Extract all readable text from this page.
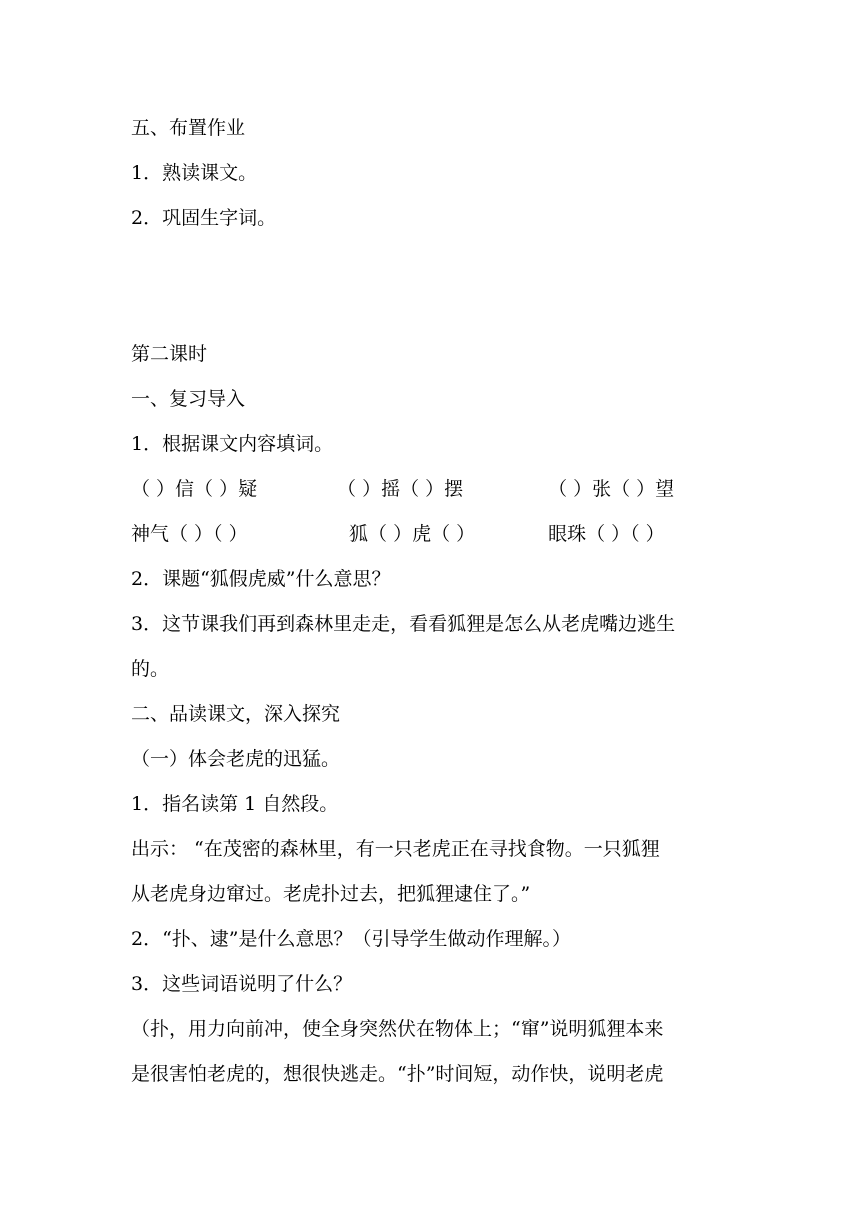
五、布置作业
1．熟读课文。
2．巩固生字词。
第二课时
一、复习导入
1．根据课文内容填词。
（ ）信（ ）疑	（ ）摇（ ）摆	（ ）张（ ）望
神气（ ）（ ）	狐（ ）虎（ ）	眼珠（ ）（ ）
2．课题“狐假虎威”什么意思？
3．这节课我们再到森林里走走，看看狐狸是怎么从老虎嘴边逃生
的。
二、品读课文，深入探究
（一）体会老虎的迅猛。
1．指名读第 1 自然段。
出示： “在茂密的森林里，有一只老虎正在寻找食物。一只狐狸
从老虎身边窜过。老虎扑过去，把狐狸逮住了。”
2．“扑、逮”是什么意思？（引导学生做动作理解。）
3．这些词语说明了什么？
（扑，用力向前冲，使全身突然伏在物体上；“窜”说明狐狸本来
是很害怕老虎的，想很快逃走。“扑”时间短，动作快，说明老虎
